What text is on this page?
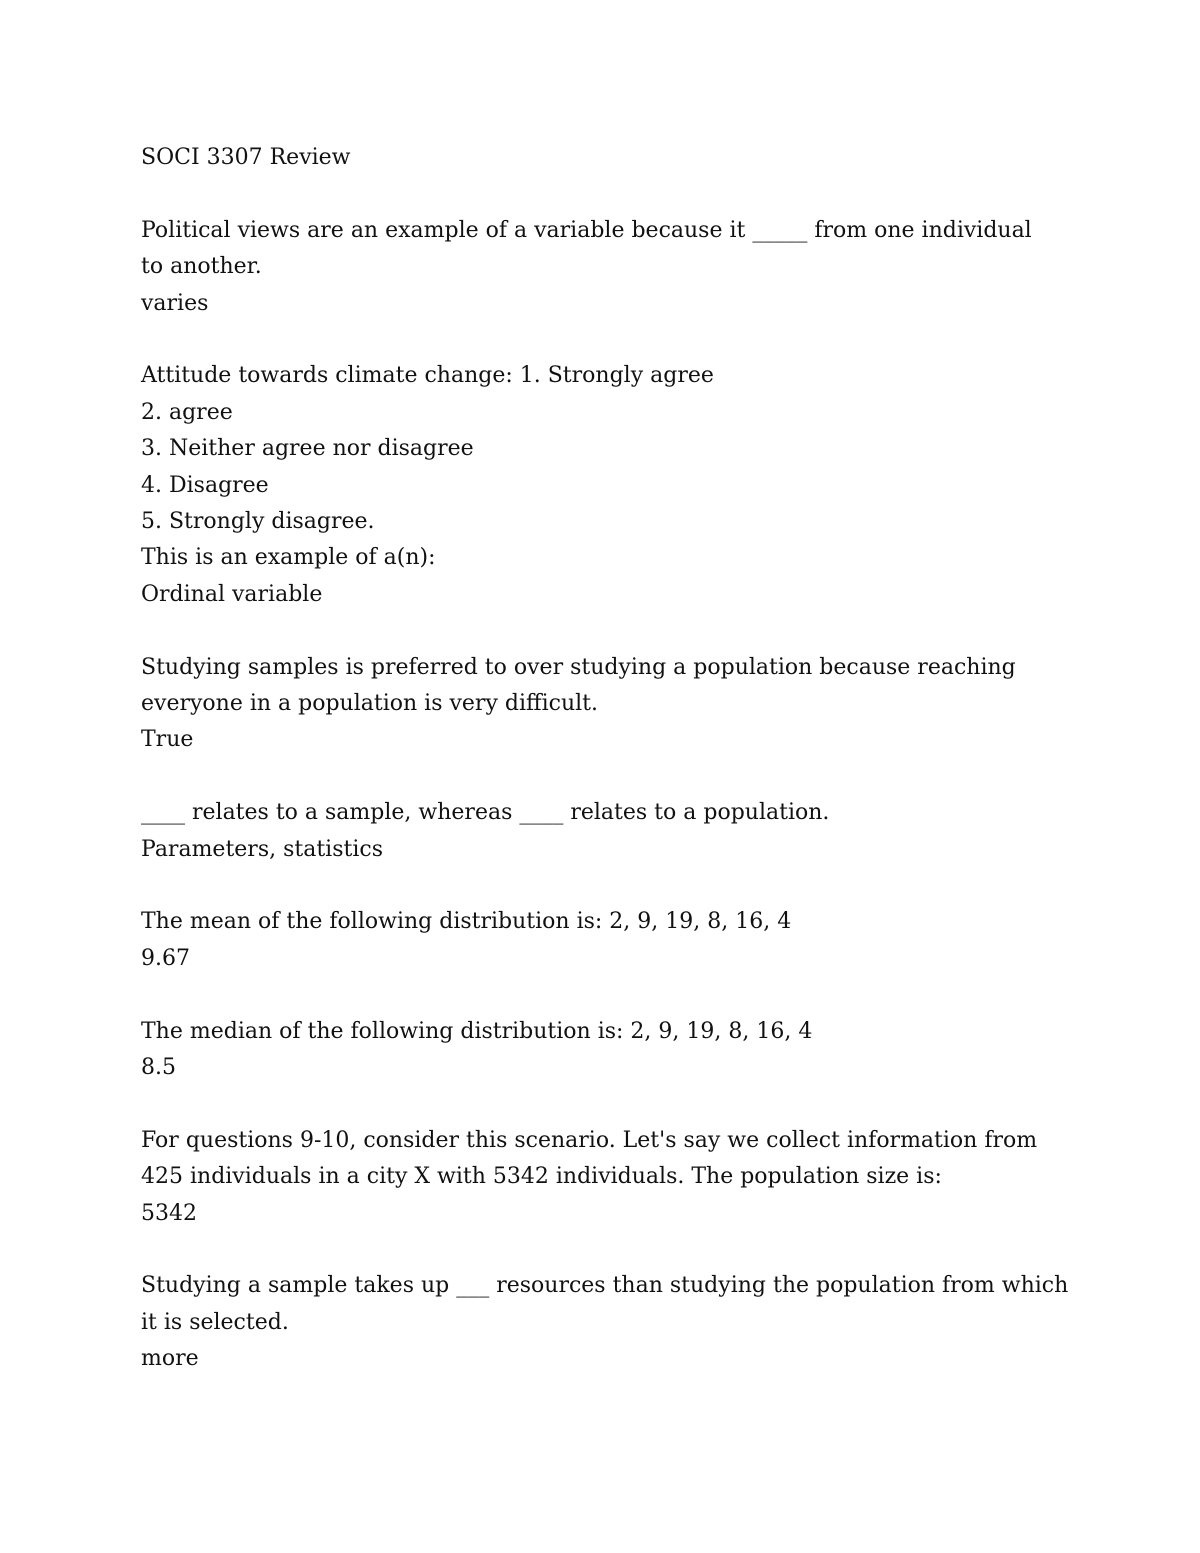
SOCI 3307 Review
Political views are an example of a variable because it _____ from one individual
to another.
varies
Attitude towards climate change: 1. Strongly agree
2. agree
3. Neither agree nor disagree
4. Disagree
5. Strongly disagree.
This is an example of a(n):
Ordinal variable
Studying samples is preferred to over studying a population because reaching
everyone in a population is very difficult.
True
____ relates to a sample, whereas ____ relates to a population.
Parameters, statistics
The mean of the following distribution is: 2, 9, 19, 8, 16, 4
9.67
The median of the following distribution is: 2, 9, 19, 8, 16, 4
8.5
For questions 9-10, consider this scenario. Let's say we collect information from
425 individuals in a city X with 5342 individuals. The population size is:
5342
Studying a sample takes up ___ resources than studying the population from which
it is selected.
more
